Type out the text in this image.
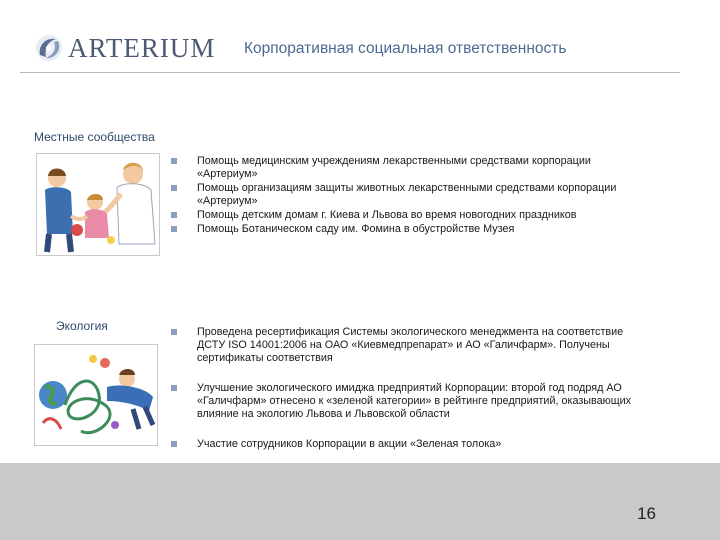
ARTERIUM Корпоративная социальная ответственность
Местные сообщества
Помощь медицинским учреждениям лекарственными средствами корпорации «Артериум»
Помощь организациям защиты животных лекарственными средствами корпорации «Артериум»
Помощь детским домам г. Киева и Львова во время новогодних праздников
Помощь Ботаническом саду им. Фомина в обустройстве Музея
Экология	Проведена ресертификация Системы экологического менеджмента на соответствие ДСТУ ISO 14001:2006 на ОАО «Киевмедпрепарат» и АО «Галичфарм». Получены сертификаты соответствия
Улучшение экологического имиджа предприятий Корпорации: второй год подряд АО «Галичфарм» отнесено к «зеленой категории» в рейтинге предприятий, оказывающих влияние на экологию Львова и Львовской области
Участие сотрудников Корпорации в акции «Зеленая толока»
16
